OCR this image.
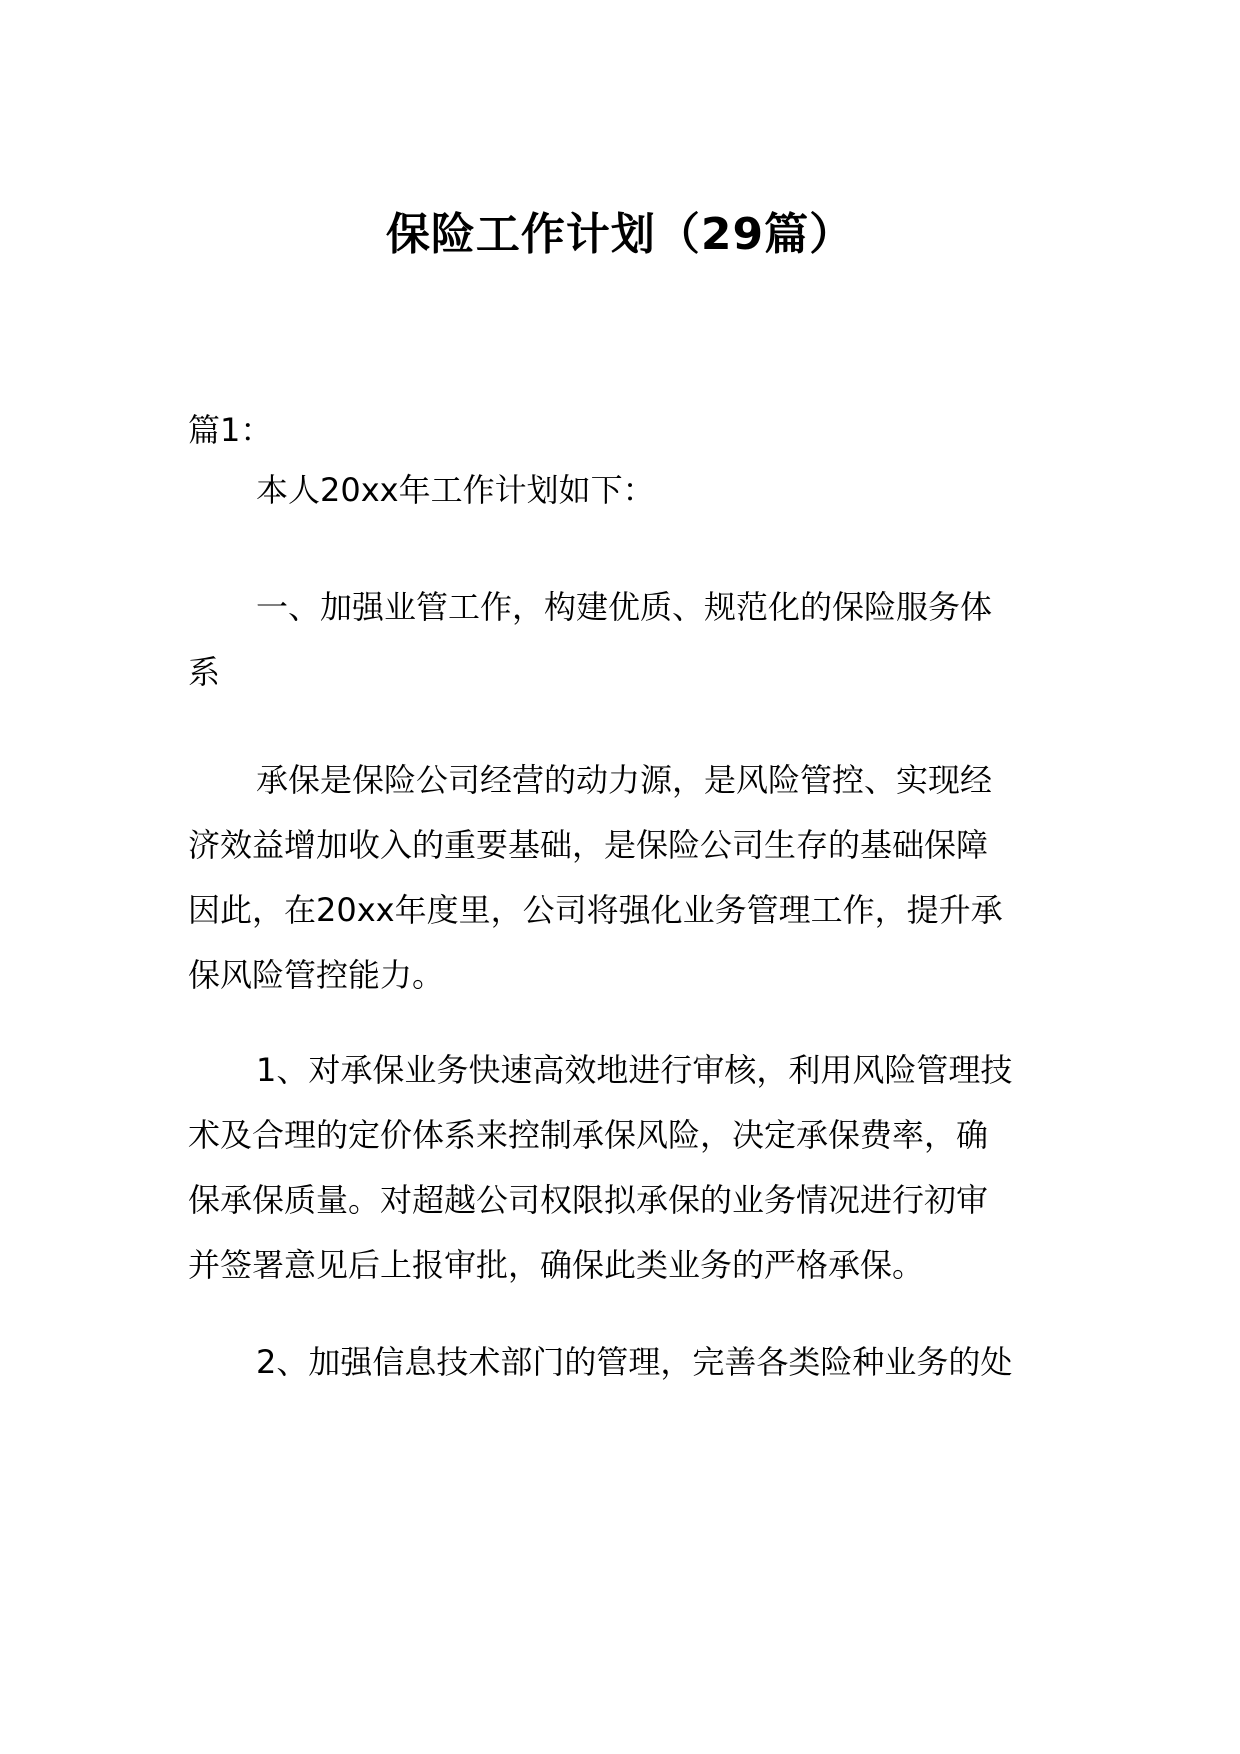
保险工作计划（29篇）
篇1：
本人20xx年工作计划如下：
一、加强业管工作，构建优质、规范化的保险服务体
系
承保是保险公司经营的动力源，是风险管控、实现经
济效益增加收入的重要基础，是保险公司生存的基础保障
因此，在20xx年度里，公司将强化业务管理工作，提升承
保风险管控能力。
1、对承保业务快速高效地进行审核，利用风险管理技
术及合理的定价体系来控制承保风险，决定承保费率，确
保承保质量。对超越公司权限拟承保的业务情况进行初审
并签署意见后上报审批，确保此类业务的严格承保。
2、加强信息技术部门的管理，完善各类险种业务的处
